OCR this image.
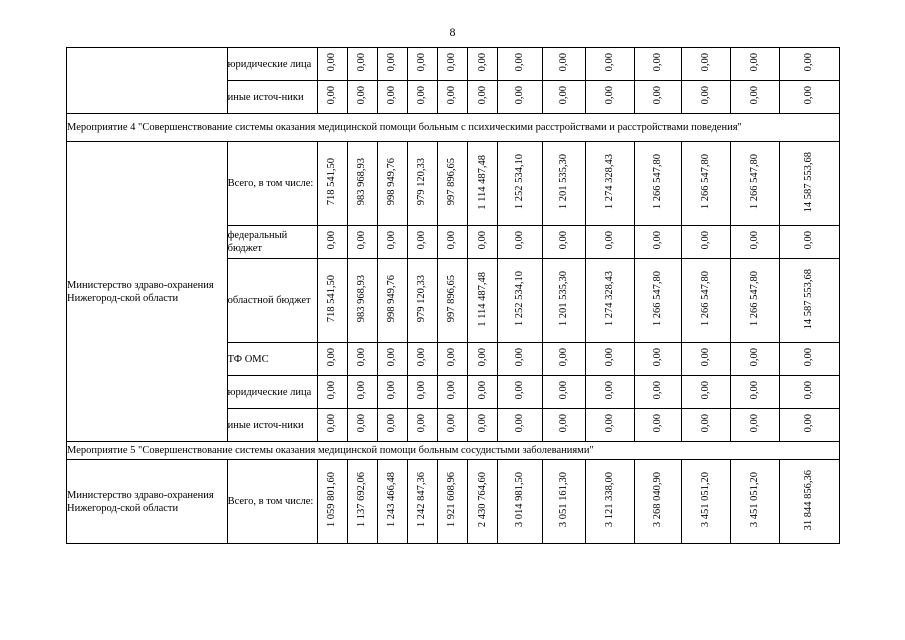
8
	юридические лица	0,00	0,00	0,00	0,00	0,00	0,00	0,00	0,00	0,00	0,00	0,00	0,00	0,00
	иные источ-ники	0,00	0,00	0,00	0,00	0,00	0,00	0,00	0,00	0,00	0,00	0,00	0,00	0,00
Мероприятие 4 "Совершенствование системы оказания медицинской помощи больным с психическими расстройствами и расстройствами поведения"														
Министерство здраво-охранения Нижегород-ской области	Всего, в том числе:	718 541,50	983 968,93	998 949,76	979 120,33	997 896,65	1 114 487,48	1 252 534,10	1 201 535,30	1 274 328,43	1 266 547,80	1 266 547,80	1 266 547,80	14 587 553,68
	федеральный бюджет	0,00	0,00	0,00	0,00	0,00	0,00	0,00	0,00	0,00	0,00	0,00	0,00	0,00
	областной бюджет	718 541,50	983 968,93	998 949,76	979 120,33	997 896,65	1 114 487,48	1 252 534,10	1 201 535,30	1 274 328,43	1 266 547,80	1 266 547,80	1 266 547,80	14 587 553,68
	ТФ ОМС	0,00	0,00	0,00	0,00	0,00	0,00	0,00	0,00	0,00	0,00	0,00	0,00	0,00
	юридические лица	0,00	0,00	0,00	0,00	0,00	0,00	0,00	0,00	0,00	0,00	0,00	0,00	0,00
	иные источ-ники	0,00	0,00	0,00	0,00	0,00	0,00	0,00	0,00	0,00	0,00	0,00	0,00	0,00
Мероприятие 5 "Совершенствование системы оказания медицинской помощи больным сосудистыми заболеваниями"														
Министерство здраво-охранения Нижегород-ской области	Всего, в том числе:	1 059 801,60	1 137 692,06	1 243 466,48	1 242 847,36	1 921 608,96	2 430 764,60	3 014 981,50	3 051 161,30	3 121 338,00	3 268 040,90	3 451 051,20	3 451 051,20	31 844 856,36
